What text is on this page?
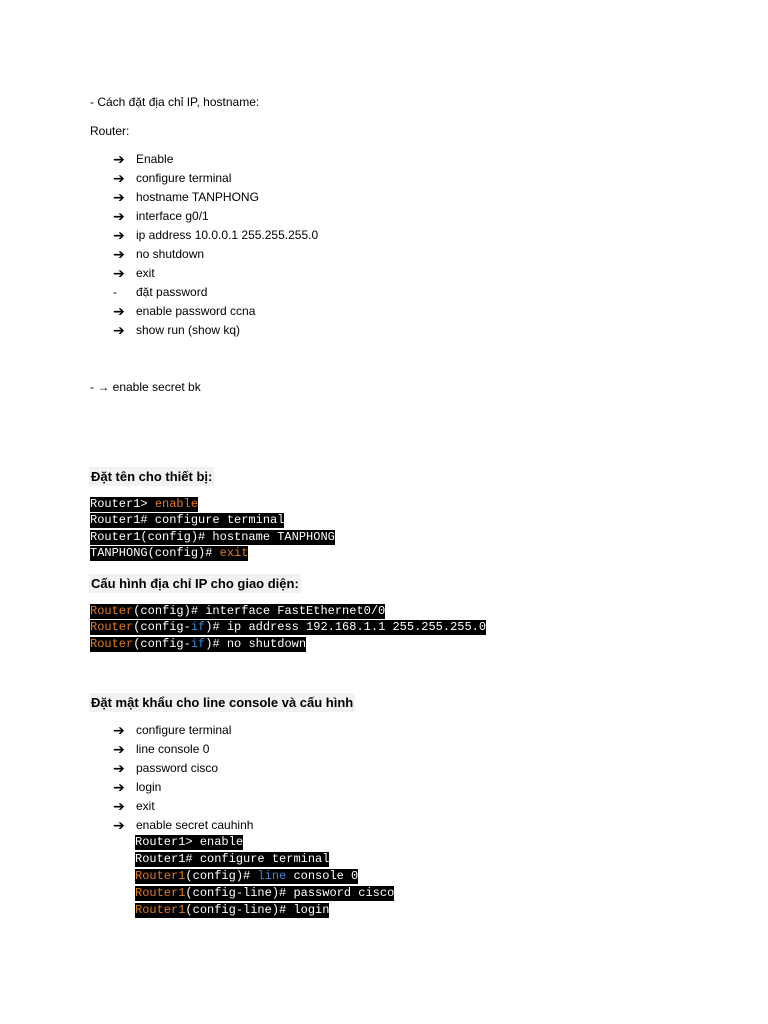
- Cách đặt địa chỉ IP, hostname:
Router:
➔ Enable
➔ configure terminal
➔ hostname TANPHONG
➔ interface g0/1
➔ ip address 10.0.0.1 255.255.255.0
➔ no shutdown
➔ exit
-	đặt password
➔ enable password ccna
➔ show run (show kq)
- → enable secret bk
Đặt tên cho thiết bị:
Router1> enable
Router1# configure terminal
Router1(config)# hostname TANPHONG
TANPHONG(config)# exit
Cấu hình địa chỉ IP cho giao diện:
Router (config) # interface FastEthernet0/0
Router (config- if ) # ip address 192.168.1.1 255.255.255.0
Router (config- if ) # no shutdown
Đặt mật khẩu cho line console và cấu hình
➔ configure terminal
➔ line console 0
➔ password cisco
➔ login
➔ exit
➔ enable secret cauhinh
Router1> enable
Router1 # configure terminal
Router1 (config) # line console 0
Router1 (config-line) # password cisco
Router1 (config-line) # login
